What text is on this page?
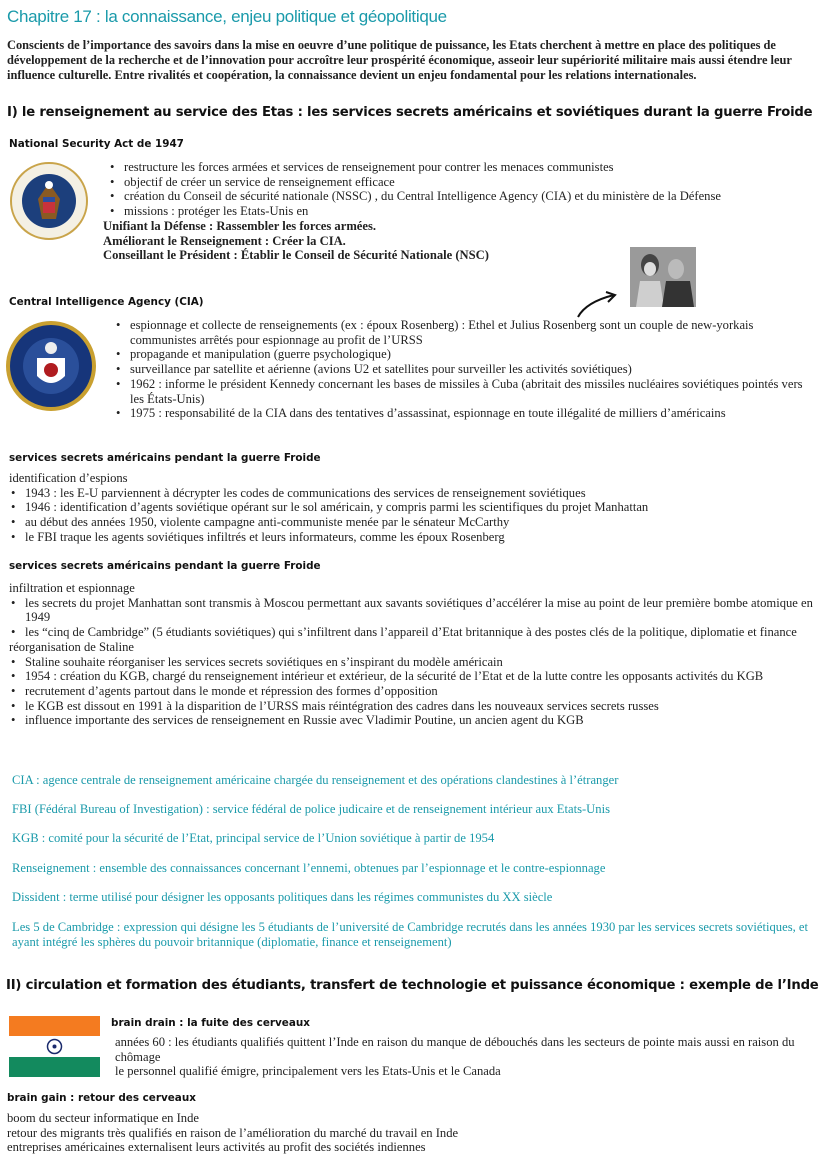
Chapitre 17 : la connaissance, enjeu politique et géopolitique
Conscients de l’importance des savoirs dans la mise en oeuvre d’une politique de puissance, les Etats cherchent à mettre en place des politiques de développement de la recherche et de l’innovation pour accroître leur prospérité économique, asseoir leur supériorité militaire mais aussi étendre leur influence culturelle. Entre rivalités et coopération, la connaissance devient un enjeu fondamental pour les relations internationales.
I) le renseignement au service des Etas : les services secrets américains et soviétiques durant la guerre Froide
National Security Act de 1947
• restructure les forces armées et services de renseignement pour contrer les menaces communistes
• objectif de créer un service de renseignement efficace
• création du Conseil de sécurité nationale (NSSC) , du Central Intelligence Agency (CIA) et du ministère de la Défense
• missions : protéger les Etats-Unis en
Unifiant la Défense : Rassembler les forces armées.
Améliorant le Renseignement : Créer la CIA.
Conseillant le Président : Établir le Conseil de Sécurité Nationale (NSC)
Central Intelligence Agency (CIA)
• espionnage et collecte de renseignements (ex : époux Rosenberg) : Ethel et Julius Rosenberg sont un couple de new-yorkais communistes arrêtés pour espionnage au profit de l’URSS
• propagande et manipulation (guerre psychologique)
• surveillance par satellite et aérienne (avions U2 et satellites pour surveiller les activités soviétiques)
• 1962 : informe le président Kennedy concernant les bases de missiles à Cuba (abritait des missiles nucléaires soviétiques pointés vers les États-Unis)
• 1975 : responsabilité de la CIA dans des tentatives d’assassinat, espionnage en toute illégalité de milliers d’américains
services secrets américains pendant la guerre Froide
identification d’espions
• 1943 : les E-U parviennent à décrypter les codes de communications des services de renseignement soviétiques
• 1946 : identification d’agents soviétique opérant sur le sol américain, y compris parmi les scientifiques du projet Manhattan
• au début des années 1950, violente campagne anti-communiste menée par le sénateur McCarthy
• le FBI traque les agents soviétiques infiltrés et leurs informateurs, comme les époux Rosenberg
services secrets américains pendant la guerre Froide
infiltration et espionnage
• les secrets du projet Manhattan sont transmis à Moscou permettant aux savants soviétiques d’accélérer la mise au point de leur première bombe atomique en 1949
• les “cinq de Cambridge” (5 étudiants soviétiques) qui s’infiltrent dans l’appareil d’Etat britannique à des postes clés de la politique, diplomatie et finance
réorganisation de Staline
• Staline souhaite réorganiser les services secrets soviétiques en s’inspirant du modèle américain
• 1954 : création du KGB, chargé du renseignement intérieur et extérieur, de la sécurité de l’Etat et de la lutte contre les opposants activités du KGB
• recrutement d’agents partout dans le monde et répression des formes d’opposition
• le KGB est dissout en 1991 à la disparition de l’URSS mais réintégration des cadres dans les nouveaux services secrets russes
• influence importante des services de renseignement en Russie avec Vladimir Poutine, un ancien agent du KGB
CIA : agence centrale de renseignement américaine chargée du renseignement et des opérations clandestines à l’étranger
FBI (Fédéral Bureau of Investigation) : service fédéral de police judicaire et de renseignement intérieur aux Etats-Unis
KGB : comité pour la sécurité de l’Etat, principal service de l’Union soviétique à partir de 1954
Renseignement : ensemble des connaissances concernant l’ennemi, obtenues par l’espionnage et le contre-espionnage
Dissident : terme utilisé pour désigner les opposants politiques dans les régimes communistes du XX siècle
Les 5 de Cambridge : expression qui désigne les 5 étudiants de l’université de Cambridge recrutés dans les années 1930 par les services secrets soviétiques, et ayant intégré les sphères du pouvoir britannique (diplomatie, finance et renseignement)
II) circulation et formation des étudiants, transfert de technologie et puissance économique : exemple de l’Inde
brain drain : la fuite des cerveaux
années 60 : les étudiants qualifiés quittent l’Inde en raison du manque de débouchés dans les secteurs de pointe mais aussi en raison du chômage
le personnel qualifié émigre, principalement vers les Etats-Unis et le Canada
brain gain : retour des cerveaux
boom du secteur informatique en Inde
retour des migrants très qualifiés en raison de l’amélioration du marché du travail en Inde
entreprises américaines externalisent leurs activités au profit des sociétés indiennes
